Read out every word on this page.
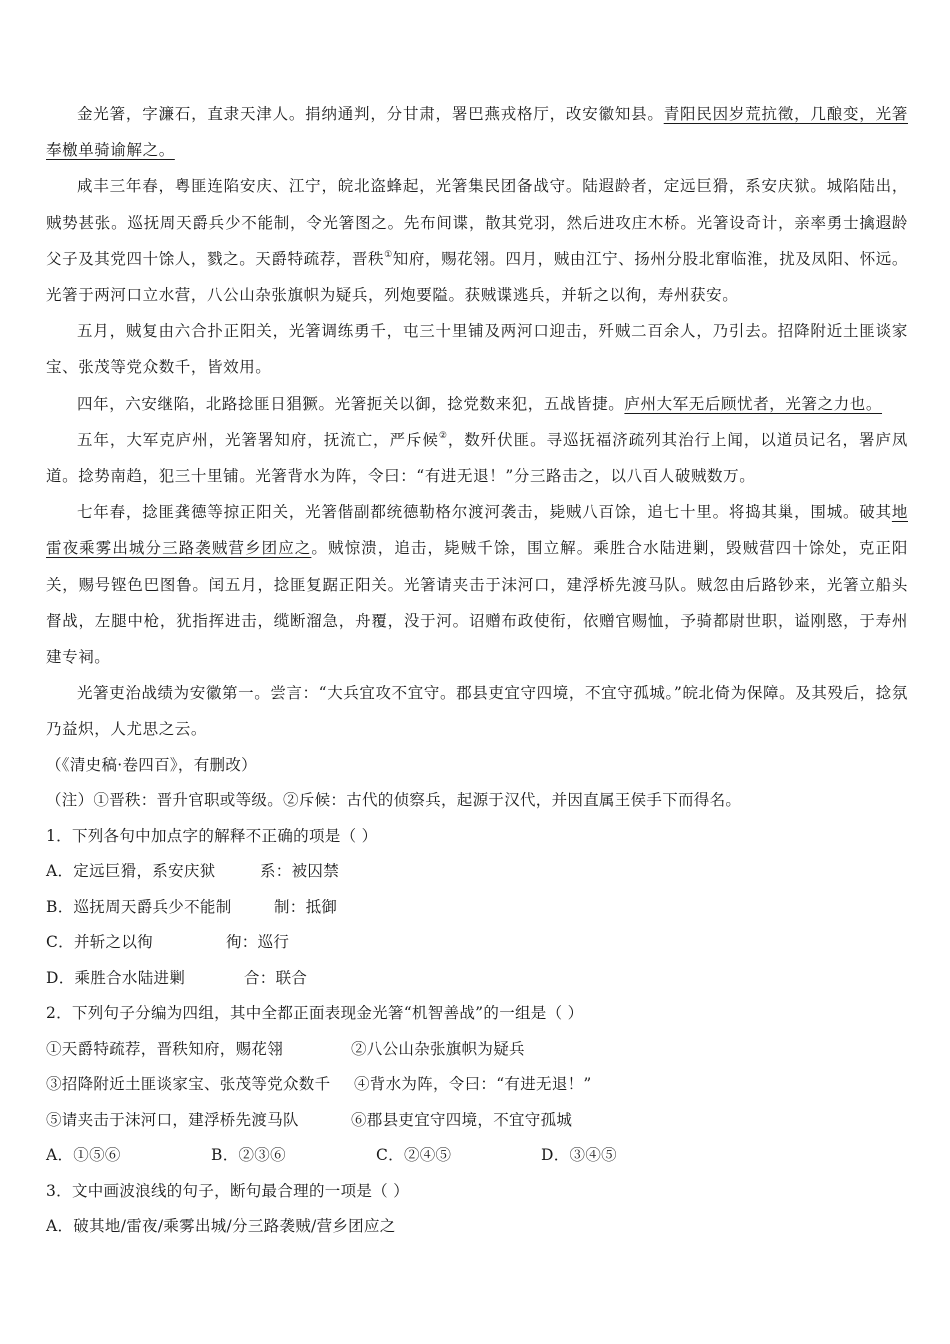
金光箸，字濂石，直隶天津人。捐纳通判，分甘肃，署巴燕戎格厅，改安徽知县。青阳民因岁荒抗徵，几酿变，光箸奉檄单骑谕解之。

咸丰三年春，粤匪连陷安庆、江宁，皖北盗蜂起，光箸集民团备战守。陆遐龄者，定远巨猾，系安庆狱。城陷陆出，贼势甚张。巡抚周天爵兵少不能制，令光箸图之。先布间谍，散其党羽，然后进攻庄木桥。光箸设奇计，亲率勇士擒遐龄父子及其党四十馀人，戮之。天爵特疏荐，晋秩①知府，赐花翎。四月，贼由江宁、扬州分股北窜临淮，扰及凤阳、怀远。光箸于两河口立水营，八公山杂张旗帜为疑兵，列炮要隘。获贼谍逃兵，并斩之以徇，寿州获安。

五月，贼复由六合扑正阳关，光箸调练勇千，屯三十里铺及两河口迎击，歼贼二百余人，乃引去。招降附近土匪谈家宝、张茂等党众数千，皆效用。

四年，六安继陷，北路捻匪日猖獗。光箸扼关以御，捻党数来犯，五战皆捷。庐州大军无后顾忧者，光箸之力也。

五年，大军克庐州，光箸署知府，抚流亡，严斥候②，数歼伏匪。寻巡抚福济疏列其治行上闻，以道员记名，署庐凤道。捻势南趋，犯三十里铺。光箸背水为阵，令曰：“有进无退！”分三路击之，以八百人破贼数万。

七年春，捻匪龚德等掠正阳关，光箸偕副都统德勒格尔渡河袭击，毙贼八百馀，追七十里。将捣其巢，围城。破其地雷夜乘雾出城分三路袭贼营乡团应之。贼惊溃，追击，毙贼千馀，围立解。乘胜合水陆进剿，毁贼营四十馀处，克正阳关，赐号铿色巴图鲁。闰五月，捻匪复踞正阳关。光箸请夹击于沫河口，建浮桥先渡马队。贼忽由后路钞来，光箸立船头督战，左腿中枪，犹指挥进击，缆断溜急，舟覆，没于河。诏赠布政使衔，依赠官赐恤，予骑都尉世职，谥刚愍，于寿州建专祠。

光箸吏治战绩为安徽第一。尝言：“大兵宜攻不宜守。郡县吏宜守四境，不宜守孤城。”皖北倚为保障。及其殁后，捻氛乃益炽，人尤思之云。

（《清史稿·卷四百》，有删改）

（注）①晋秩：晋升官职或等级。②斥候：古代的侦察兵，起源于汉代，并因直属王侯手下而得名。

1．下列各句中加点字的解释不正确的项是（ ）

A．定远巨猾，系安庆狱	系：被囚禁

B．巡抚周天爵兵少不能制	制：抵御

C．并斩之以徇	徇：巡行

D．乘胜合水陆进剿	合：联合

2．下列句子分编为四组，其中全都正面表现金光箸“机智善战”的一组是（ ）

①天爵特疏荐，晋秩知府，赐花翎	②八公山杂张旗帜为疑兵

③招降附近土匪谈家宝、张茂等党众数千 ④背水为阵，令曰：“有进无退！”

⑤请夹击于沫河口，建浮桥先渡马队	⑥郡县吏宜守四境，不宜守孤城

A．①⑤⑥	B．②③⑥	C．②④⑤	D．③④⑤

3．文中画波浪线的句子，断句最合理的一项是（ ）

A．破其地/雷夜/乘雾出城/分三路袭贼/营乡团应之
